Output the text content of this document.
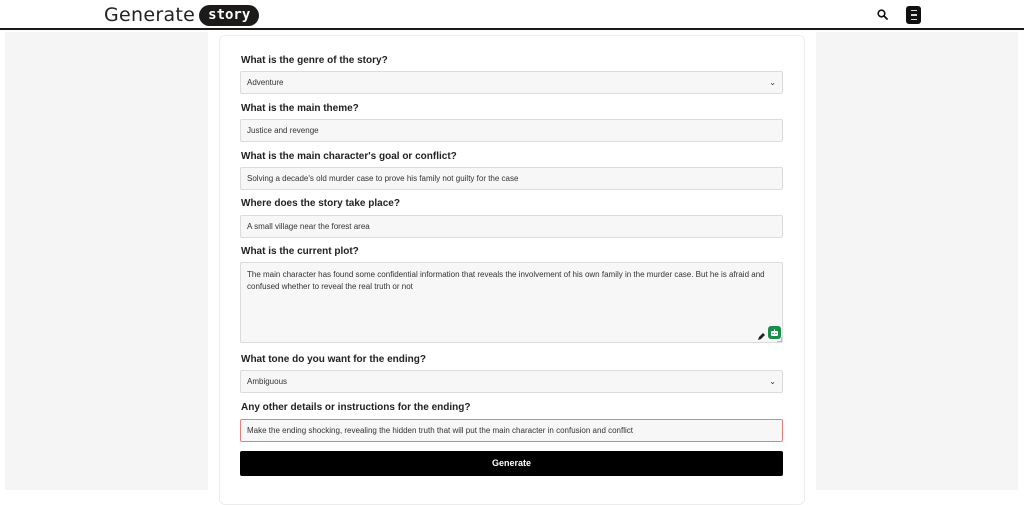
Generate story
What is the genre of the story?
Adventure	⌄
What is the main theme?
Justice and revenge
What is the main character's goal or conflict?
Solving a decade's old murder case to prove his family not guilty for the case
Where does the story take place?
A small village near the forest area
What is the current plot?
The main character has found some confidential information that reveals the involvement of his own family in the murder case. But he is afraid and confused whether to reveal the real truth or not
What tone do you want for the ending?
Ambiguous	⌄
Any other details or instructions for the ending?
Make the ending shocking, revealing the hidden truth that will put the main character in confusion and conflict
Generate
